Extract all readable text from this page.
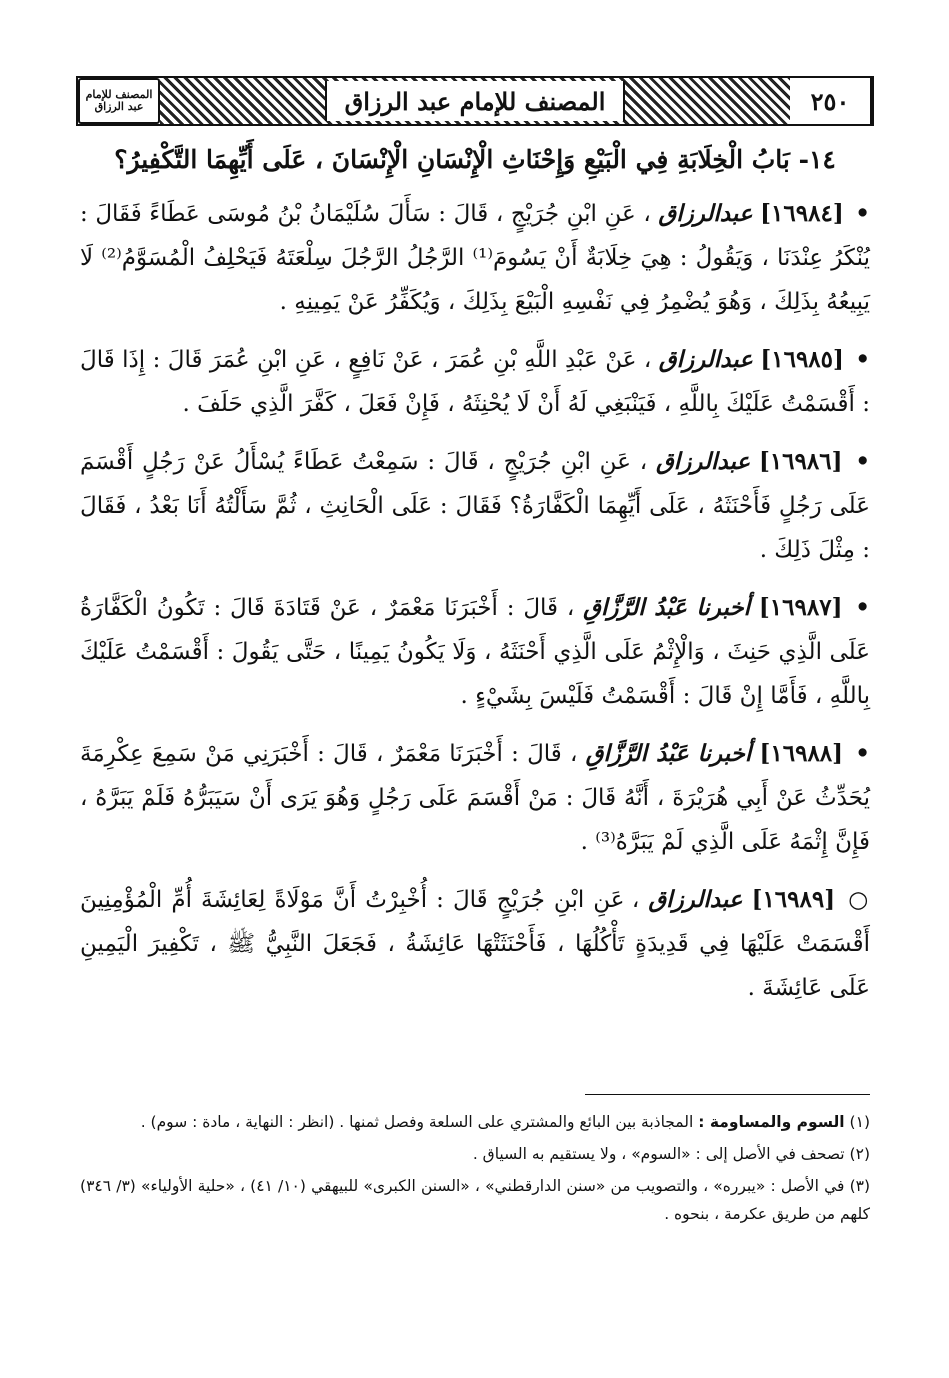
المصنف للإمام عبد الرزاق	المصنف للإمام عبد الرزاق	٢٥٠
١٤- بَابُ الْخِلَابَةِ فِي الْبَيْعِ وَإِحْنَاثِ الْإِنْسَانِ الْإِنْسَانَ ، عَلَى أَيِّهِمَا التَّكْفِيرُ؟

• [١٦٩٨٤] عبدالرزاق ، عَنِ ابْنِ جُرَيْجٍ ، قَالَ : سَأَلَ سُلَيْمَانُ بْنُ مُوسَى عَطَاءً فَقَالَ : يُنْكَرُ عِنْدَنَا ، وَيَقُولُ : هِيَ خِلَابَةٌ أَنْ يَسُومَ⁽¹⁾ الرَّجُلُ الرَّجُلَ سِلْعَتَهُ فَيَحْلِفُ الْمُسَوَّمُ⁽²⁾ لَا يَبِيعُهُ بِذَلِكَ ، وَهُوَ يُضْمِرُ فِي نَفْسِهِ الْبَيْعَ بِذَلِكَ ، وَيُكَفِّرُ عَنْ يَمِينِهِ .

• [١٦٩٨٥] عبدالرزاق ، عَنْ عَبْدِ اللَّهِ بْنِ عُمَرَ ، عَنْ نَافِعٍ ، عَنِ ابْنِ عُمَرَ قَالَ : إِذَا قَالَ : أَقْسَمْتُ عَلَيْكَ بِاللَّهِ ، فَيَنْبَغِي لَهُ أَنْ لَا يُحْنِثَهُ ، فَإِنْ فَعَلَ ، كَفَّرَ الَّذِي حَلَفَ .

• [١٦٩٨٦] عبدالرزاق ، عَنِ ابْنِ جُرَيْجٍ ، قَالَ : سَمِعْتُ عَطَاءً يُسْأَلُ عَنْ رَجُلٍ أَقْسَمَ عَلَى رَجُلٍ فَأَحْنَثَهُ ، عَلَى أَيِّهِمَا الْكَفَّارَةُ؟ فَقَالَ : عَلَى الْحَانِثِ ، ثُمَّ سَأَلْتُهُ أَنَا بَعْدُ ، فَقَالَ : مِثْلَ ذَلِكَ .

• [١٦٩٨٧] أخبرنا عَبْدُ الرَّزَّاقِ ، قَالَ : أَخْبَرَنَا مَعْمَرٌ ، عَنْ قَتَادَةَ قَالَ : تَكُونُ الْكَفَّارَةُ عَلَى الَّذِي حَنِثَ ، وَالْإِثْمُ عَلَى الَّذِي أَحْنَثَهُ ، وَلَا يَكُونُ يَمِينًا ، حَتَّى يَقُولَ : أَقْسَمْتُ عَلَيْكَ بِاللَّهِ ، فَأَمَّا إِنْ قَالَ : أَقْسَمْتُ فَلَيْسَ بِشَيْءٍ .

• [١٦٩٨٨] أخبرنا عَبْدُ الرَّزَّاقِ ، قَالَ : أَخْبَرَنَا مَعْمَرٌ ، قَالَ : أَخْبَرَنِي مَنْ سَمِعَ عِكْرِمَةَ يُحَدِّثُ عَنْ أَبِي هُرَيْرَةَ ، أَنَّهُ قَالَ : مَنْ أَقْسَمَ عَلَى رَجُلٍ وَهُوَ يَرَى أَنْ سَيَبَرُّهُ فَلَمْ يَبَرَّهُ ، فَإِنَّ إِثْمَهُ عَلَى الَّذِي لَمْ يَبَرَّهُ⁽³⁾ .

○ [١٦٩٨٩] عبدالرزاق ، عَنِ ابْنِ جُرَيْجٍ قَالَ : أُخْبِرْتُ أَنَّ مَوْلَاةً لِعَائِشَةَ أُمِّ الْمُؤْمِنِينَ أَقْسَمَتْ عَلَيْهَا فِي قَدِيدَةٍ تَأْكُلُهَا ، فَأَحْنَثَتْهَا عَائِشَةُ ، فَجَعَلَ النَّبِيُّ ﷺ ، تَكْفِيرَ الْيَمِينِ عَلَى عَائِشَةَ .

(١) السوم والمساومة : المجاذبة بين البائع والمشتري على السلعة وفصل ثمنها . (انظر : النهاية ، مادة : سوم) .

(٢) تصحف في الأصل إلى : «السوم» ، ولا يستقيم به السياق .

(٣) في الأصل : «يبرره» ، والتصويب من «سنن الدارقطني» ، «السنن الكبرى» للبيهقي (١٠/ ٤١) ، «حلية الأولياء» (٣/ ٣٤٦) كلهم من طريق عكرمة ، بنحوه .
